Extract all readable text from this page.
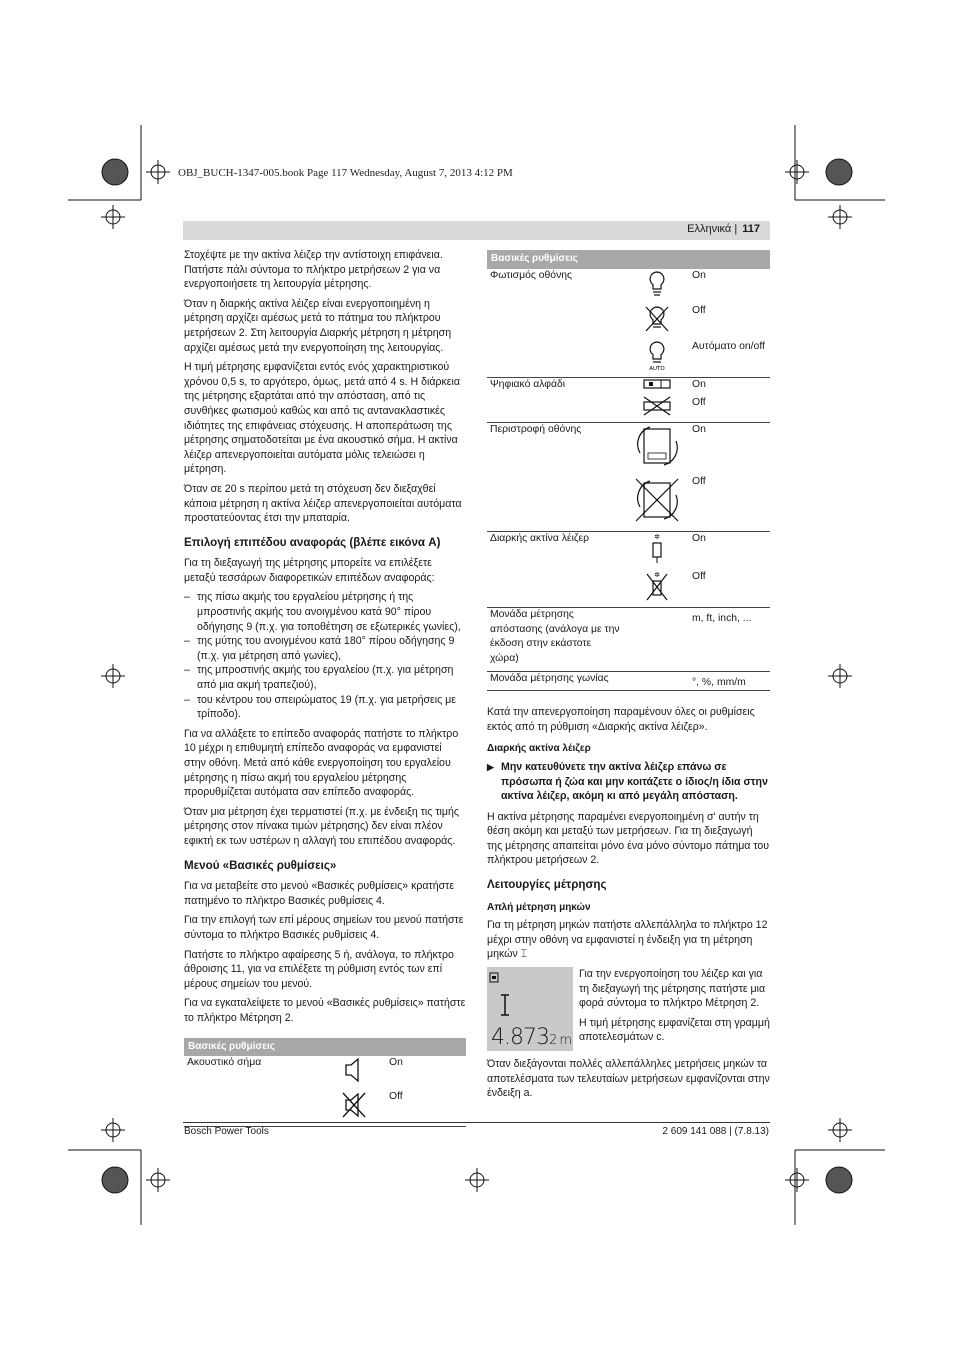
OBJ_BUCH-1347-005.book Page 117 Wednesday, August 7, 2013 4:12 PM
Ελληνικά | 117

Στοχέψτε με την ακτίνα λέιζερ την αντίστοιχη επιφάνεια. Πατήστε πάλι σύντομα το πλήκτρο μετρήσεων 2 για να ενεργοποιήσετε τη λειτουργία μέτρησης.

Όταν η διαρκής ακτίνα λέιζερ είναι ενεργοποιημένη η μέτρηση αρχίζει αμέσως μετά το πάτημα του πλήκτρου μετρήσεων 2. Στη λειτουργία Διαρκής μέτρηση η μέτρηση αρχίζει αμέσως μετά την ενεργοποίηση της λειτουργίας.

Η τιμή μέτρησης εμφανίζεται εντός ενός χαρακτηριστικού χρόνου 0,5 s, το αργότερο, όμως, μετά από 4 s. Η διάρκεια της μέτρησης εξαρτάται από την απόσταση, από τις συνθήκες φωτισμού καθώς και από τις αντανακλαστικές ιδιότητες της επιφάνειας στόχευσης. Η αποπεράτωση της μέτρησης σηματοδοτείται με ένα ακουστικό σήμα. Η ακτίνα λέιζερ απενεργοποιείται αυτόματα μόλις τελειώσει η μέτρηση.

Όταν σε 20 s περίπου μετά τη στόχευση δεν διεξαχθεί κάποια μέτρηση η ακτίνα λέιζερ απενεργοποιείται αυτόματα προστατεύοντας έτσι την μπαταρία.

Επιλογή επιπέδου αναφοράς (βλέπε εικόνα A)

Για τη διεξαγωγή της μέτρησης μπορείτε να επιλέξετε μεταξύ τεσσάρων διαφορετικών επιπέδων αναφοράς:

– της πίσω ακμής του εργαλείου μέτρησης ή της μπροστινής ακμής του ανοιγμένου κατά 90° πίρου οδήγησης 9 (π.χ. για τοποθέτηση σε εξωτερικές γωνίες),
– της μύτης του ανοιγμένου κατά 180° πίρου οδήγησης 9 (π.χ. για μέτρηση από γωνίες),
– της μπροστινής ακμής του εργαλείου (π.χ. για μέτρηση από μια ακμή τραπεζιού),
– του κέντρου του σπειρώματος 19 (π.χ. για μετρήσεις με τρίποδο).

Για να αλλάξετε το επίπεδο αναφοράς πατήστε το πλήκτρο 10 μέχρι η επιθυμητή επίπεδο αναφοράς να εμφανιστεί στην οθόνη. Μετά από κάθε ενεργοποίηση του εργαλείου μέτρησης η πίσω ακμή του εργαλείου μέτρησης προρυθμίζεται αυτόματα σαν επίπεδο αναφοράς.

Όταν μια μέτρηση έχει τερματιστεί (π.χ. με ένδειξη τις τιμής μέτρησης στον πίνακα τιμών μέτρησης) δεν είναι πλέον εφικτή εκ των υστέρων η αλλαγή του επιπέδου αναφοράς.

Μενού «Βασικές ρυθμίσεις»

Για να μεταβείτε στο μενού «Βασικές ρυθμίσεις» κρατήστε πατημένο το πλήκτρο Βασικές ρυθμίσεις 4.

Για την επιλογή των επί μέρους σημείων του μενού πατήστε σύντομα το πλήκτρο Βασικές ρυθμίσεις 4.

Πατήστε το πλήκτρο αφαίρεσης 5 ή, ανάλογα, το πλήκτρο άθροισης 11, για να επιλέξετε τη ρύθμιση εντός των επί μέρους σημείων του μενού.

Για να εγκαταλείψετε το μενού «Βασικές ρυθμίσεις» πατήστε το πλήκτρο Μέτρηση 2.

Βασικές ρυθμίσεις		
Ακουστικό σήμα		On
		Off
Βασικές ρυθμίσεις		
Φωτισμός οθόνης		On
		Off

AUTO	Αυτόματο on/off
Ψηφιακό αλφάδι		On
		Off
Περιστροφή οθόνης		On
		Off
Διαρκής ακτίνα λέιζερ	✲	On

✲	Off
Μονάδα μέτρησης απόστασης (ανάλογα με την έκδοση στην εκάστοτε χώρα)		m, ft, inch, ...
Μονάδα μέτρησης γωνίας		°, %, mm/m

Κατά την απενεργοποίηση παραμένουν όλες οι ρυθμίσεις εκτός από τη ρύθμιση «Διαρκής ακτίνα λέιζερ».

Διαρκής ακτίνα λέιζερ
▶ Μην κατευθύνετε την ακτίνα λέιζερ επάνω σε πρόσωπα ή ζώα και μην κοιτάζετε ο ίδιος/η ίδια στην ακτίνα λέιζερ, ακόμη κι από μεγάλη απόσταση.

Η ακτίνα μέτρησης παραμένει ενεργοποιημένη σ' αυτήν τη θέση ακόμη και μεταξύ των μετρήσεων. Για τη διεξαγωγή της μέτρησης απαιτείται μόνο ένα μόνο σύντομο πάτημα του πλήκτρου μετρήσεων 2.

Λειτουργίες μέτρησης
Απλή μέτρηση μηκών

Για τη μέτρηση μηκών πατήστε αλλεπάλληλα το πλήκτρο 12 μέχρι στην οθόνη να εμφανιστεί η ένδειξη για τη μέτρηση μηκών ⌶

4.8732 m

Για την ενεργοποίηση του λέιζερ και για τη διεξαγωγή της μέτρησης πατήστε μια φορά σύντομα το πλήκτρο Μέτρηση 2.

Η τιμή μέτρησης εμφανίζεται στη γραμμή αποτελεσμάτων c.

Όταν διεξάγονται πολλές αλλεπάλληλες μετρήσεις μηκών τα αποτελέσματα των τελευταίων μετρήσεων εμφανίζονται στην ένδειξη a.

Bosch Power Tools	2 609 141 088 | (7.8.13)
